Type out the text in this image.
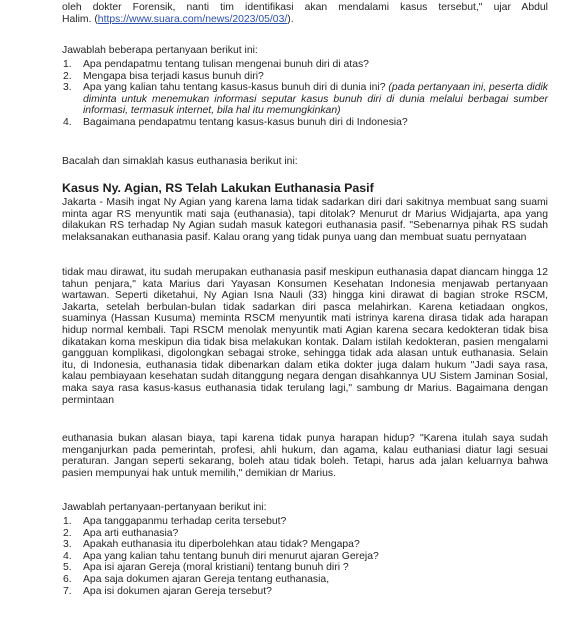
oleh dokter Forensik, nanti tim identifikasi akan mendalami kasus tersebut," ujar Abdul

Halim. (https://www.suara.com/news/2023/05/03/).

Jawablah beberapa pertanyaan berikut ini:

1. Apa pendapatmu tentang tulisan mengenai bunuh diri di atas?
2. Mengapa bisa terjadi kasus bunuh diri?
3. Apa yang kalian tahu tentang kasus-kasus bunuh diri di dunia ini? (pada pertanyaan ini, peserta didik diminta untuk menemukan informasi seputar kasus bunuh diri di dunia melalui berbagai sumber informasi, termasuk internet, bila hal itu memungkinkan)
4. Bagaimana pendapatmu tentang kasus-kasus bunuh diri di Indonesia?

Bacalah dan simaklah kasus euthanasia berikut ini:

Kasus Ny. Agian, RS Telah Lakukan Euthanasia Pasif

Jakarta - Masih ingat Ny Agian yang karena lama tidak sadarkan diri dari sakitnya membuat sang suami minta agar RS menyuntik mati saja (euthanasia), tapi ditolak? Menurut dr Marius Widjajarta, apa yang dilakukan RS terhadap Ny Agian sudah masuk kategori euthanasia pasif. "Sebenarnya pihak RS sudah melaksanakan euthanasia pasif. Kalau orang yang tidak punya uang dan membuat suatu pernyataan

tidak mau dirawat, itu sudah merupakan euthanasia pasif meskipun euthanasia dapat diancam hingga 12 tahun penjara," kata Marius dari Yayasan Konsumen Kesehatan Indonesia menjawab pertanyaan wartawan. Seperti diketahui, Ny Agian Isna Nauli (33) hingga kini dirawat di bagian stroke RSCM, Jakarta, setelah berbulan-bulan tidak sadarkan diri pasca melahirkan. Karena ketiadaan ongkos, suaminya (Hassan Kusuma) meminta RSCM menyuntik mati istrinya karena dirasa tidak ada harapan hidup normal kembali. Tapi RSCM menolak menyuntik mati Agian karena secara kedokteran tidak bisa dikatakan koma meskipun dia tidak bisa melakukan kontak. Dalam istilah kedokteran, pasien mengalami gangguan komplikasi, digolongkan sebagai stroke, sehingga tidak ada alasan untuk euthanasia. Selain itu, di Indonesia, euthanasia tidak dibenarkan dalam etika dokter juga dalam hukum "Jadi saya rasa, kalau pembiayaan kesehatan sudah ditanggung negara dengan disahkannya UU Sistem Jaminan Sosial, maka saya rasa kasus-kasus euthanasia tidak terulang lagi," sambung dr Marius. Bagaimana dengan permintaan

euthanasia bukan alasan biaya, tapi karena tidak punya harapan hidup? "Karena itulah saya sudah menganjurkan pada pemerintah, profesi, ahli hukum, dan agama, kalau euthaniasi diatur lagi sesuai peraturan. Jangan seperti sekarang, boleh atau tidak boleh. Tetapi, harus ada jalan keluarnya bahwa pasien mempunyai hak untuk memilih," demikian dr Marius.

Jawablah pertanyaan-pertanyaan berikut ini:

1. Apa tanggapanmu terhadap cerita tersebut?
2. Apa arti euthanasia?
3. Apakah euthanasia itu diperbolehkan atau tidak? Mengapa?
4. Apa yang kalian tahu tentang bunuh diri menurut ajaran Gereja?
5. Apa isi ajaran Gereja (moral kristiani) tentang bunuh diri ?
6. Apa saja dokumen ajaran Gereja tentang euthanasia,
7. Apa isi dokumen ajaran Gereja tersebut?
